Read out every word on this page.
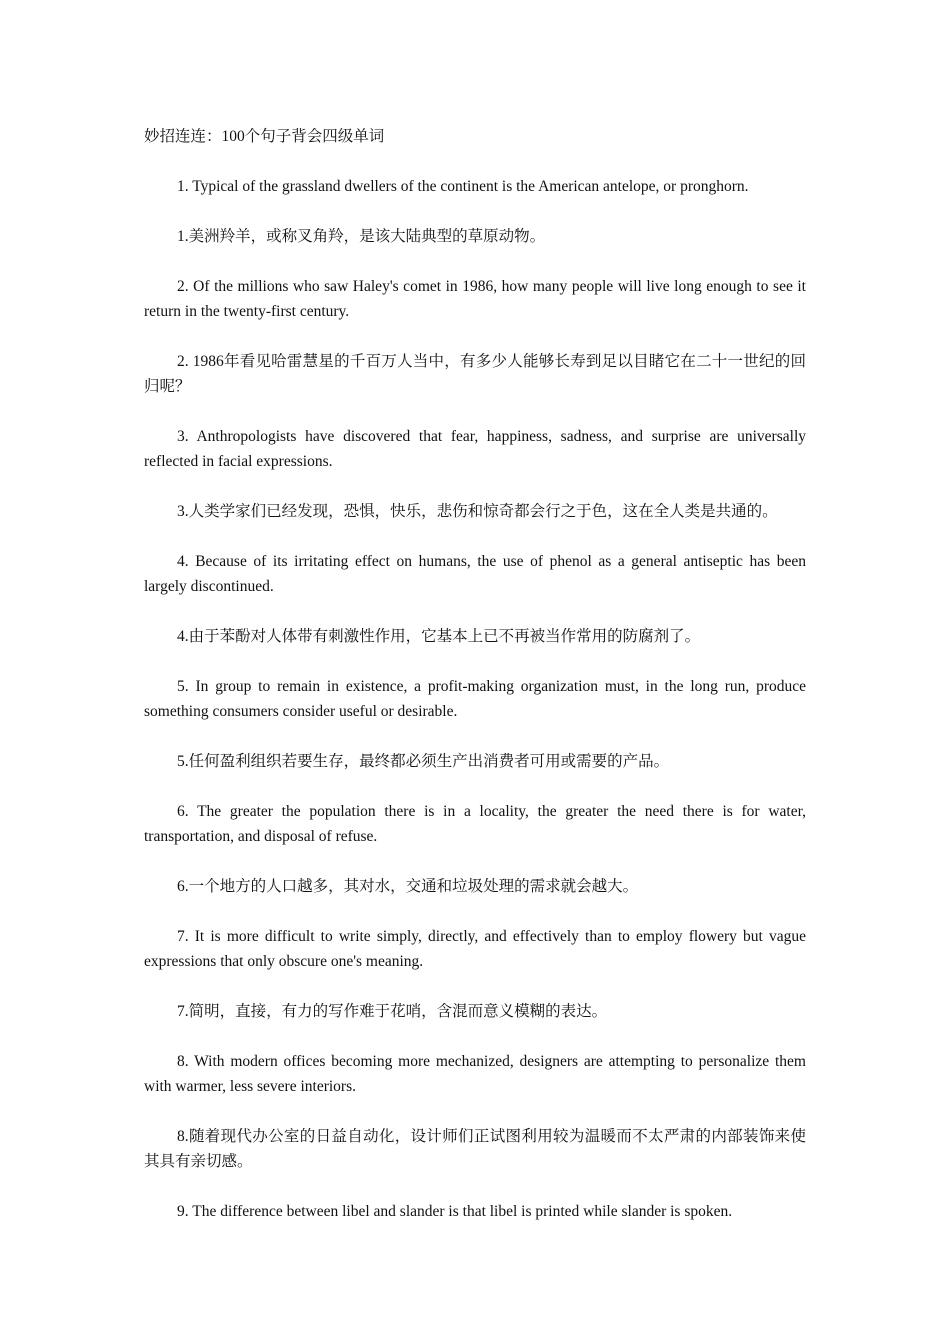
妙招连连：100个句子背会四级单词

1. Typical of the grassland dwellers of the continent is the American antelope, or pronghorn.

1.美洲羚羊，或称叉角羚，是该大陆典型的草原动物。

2. Of the millions who saw Haley's comet in 1986, how many people will live long enough to see it return in the twenty-first century.

2. 1986年看见哈雷慧星的千百万人当中，有多少人能够长寿到足以目睹它在二十一世纪的回归呢？

3. Anthropologists have discovered that fear, happiness, sadness, and surprise are universally reflected in facial expressions.

3.人类学家们已经发现，恐惧，快乐，悲伤和惊奇都会行之于色，这在全人类是共通的。

4. Because of its irritating effect on humans, the use of phenol as a general antiseptic has been largely discontinued.

4.由于苯酚对人体带有刺激性作用，它基本上已不再被当作常用的防腐剂了。

5. In group to remain in existence, a profit-making organization must, in the long run, produce something consumers consider useful or desirable.

5.任何盈利组织若要生存，最终都必须生产出消费者可用或需要的产品。

6. The greater the population there is in a locality, the greater the need there is for water, transportation, and disposal of refuse.

6.一个地方的人口越多，其对水，交通和垃圾处理的需求就会越大。

7. It is more difficult to write simply, directly, and effectively than to employ flowery but vague expressions that only obscure one's meaning.

7.简明，直接，有力的写作难于花哨，含混而意义模糊的表达。

8. With modern offices becoming more mechanized, designers are attempting to personalize them with warmer, less severe interiors.

8.随着现代办公室的日益自动化，设计师们正试图利用较为温暖而不太严肃的内部装饰来使其具有亲切感。

9. The difference between libel and slander is that libel is printed while slander is spoken.
